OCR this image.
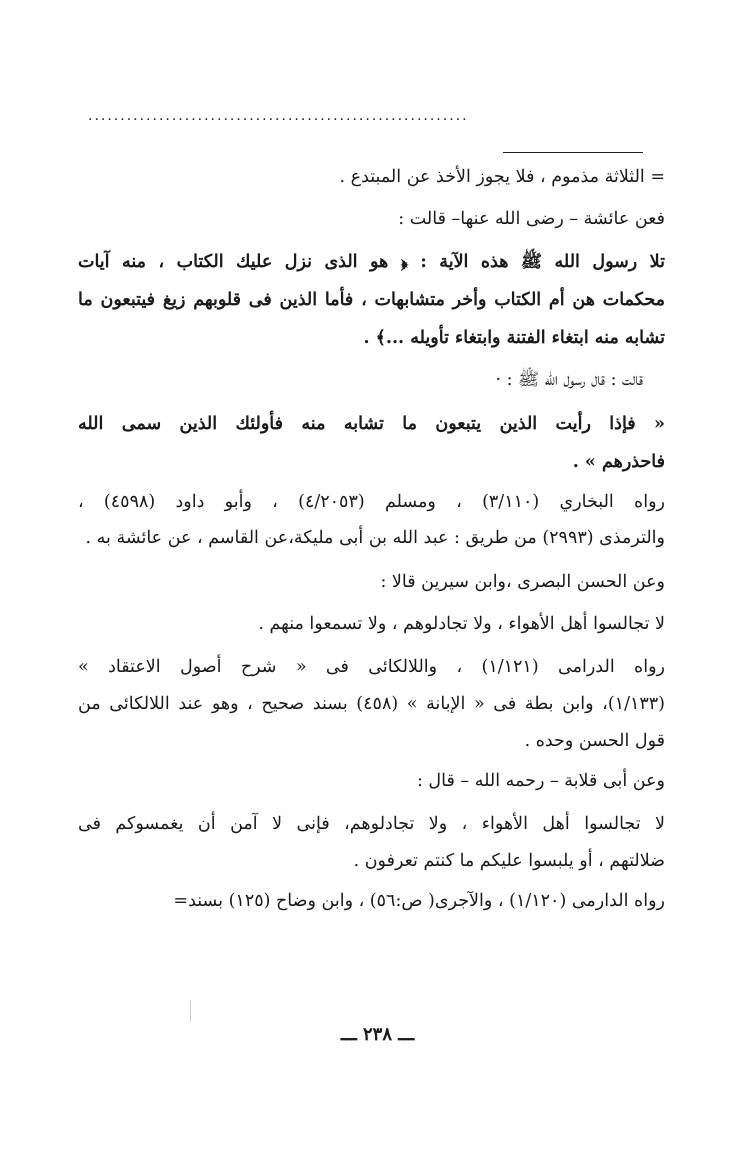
...........................................................
= الثلاثة مذموم ، فلا يجوز الأخذ عن المبتدع .
فعن عائشة – رضى الله عنها– قالت :
تلا رسول الله ﷺ هذه الآية : ﴿ هو الذى نزل عليك الكتاب ، منه آيات
محكمات هن أم الكتاب وأخر متشابهات ، فأما الذين فى قلوبهم زيغ فيتبعون ما
تشابه منه ابتغاء الفتنة وابتغاء تأويله ...﴾ .
قالت : قال رسول الله ﷺ : ·
« فإذا رأيت الذين يتبعون ما تشابه منه فأولئك الذين سمى الله
فاحذرهم » .
رواه البخاري (٣/١١٠) ، ومسلم (٤/٢٠٥٣) ، وأبو داود (٤٥٩٨) ،
والترمذى (٢٩٩٣) من طريق : عبد الله بن أبى مليكة،عن القاسم ، عن عائشة به .
وعن الحسن البصرى ،وابن سيرين قالا :
لا تجالسوا أهل الأهواء ، ولا تجادلوهم ، ولا تسمعوا منهم .
رواه الدرامى (١/١٢١) ، واللالكائى فى « شرح أصول الاعتقاد »
(١/١٣٣)، وابن بطة فى « الإبانة » (٤٥٨) بسند صحيح ، وهو عند اللالكائى من
قول الحسن وحده .
وعن أبى قلابة – رحمه الله – قال :
لا تجالسوا أهل الأهواء ، ولا تجادلوهم، فإنى لا آمن أن يغمسوكم فى
ضلالتهم ، أو يلبسوا عليكم ما كنتم تعرفون .
رواه الدارمى (١/١٢٠) ، والآجرى( ص:٥٦) ، وابن وضاح (١٢٥) بسند=
ـــ ٢٣٨ ـــ
